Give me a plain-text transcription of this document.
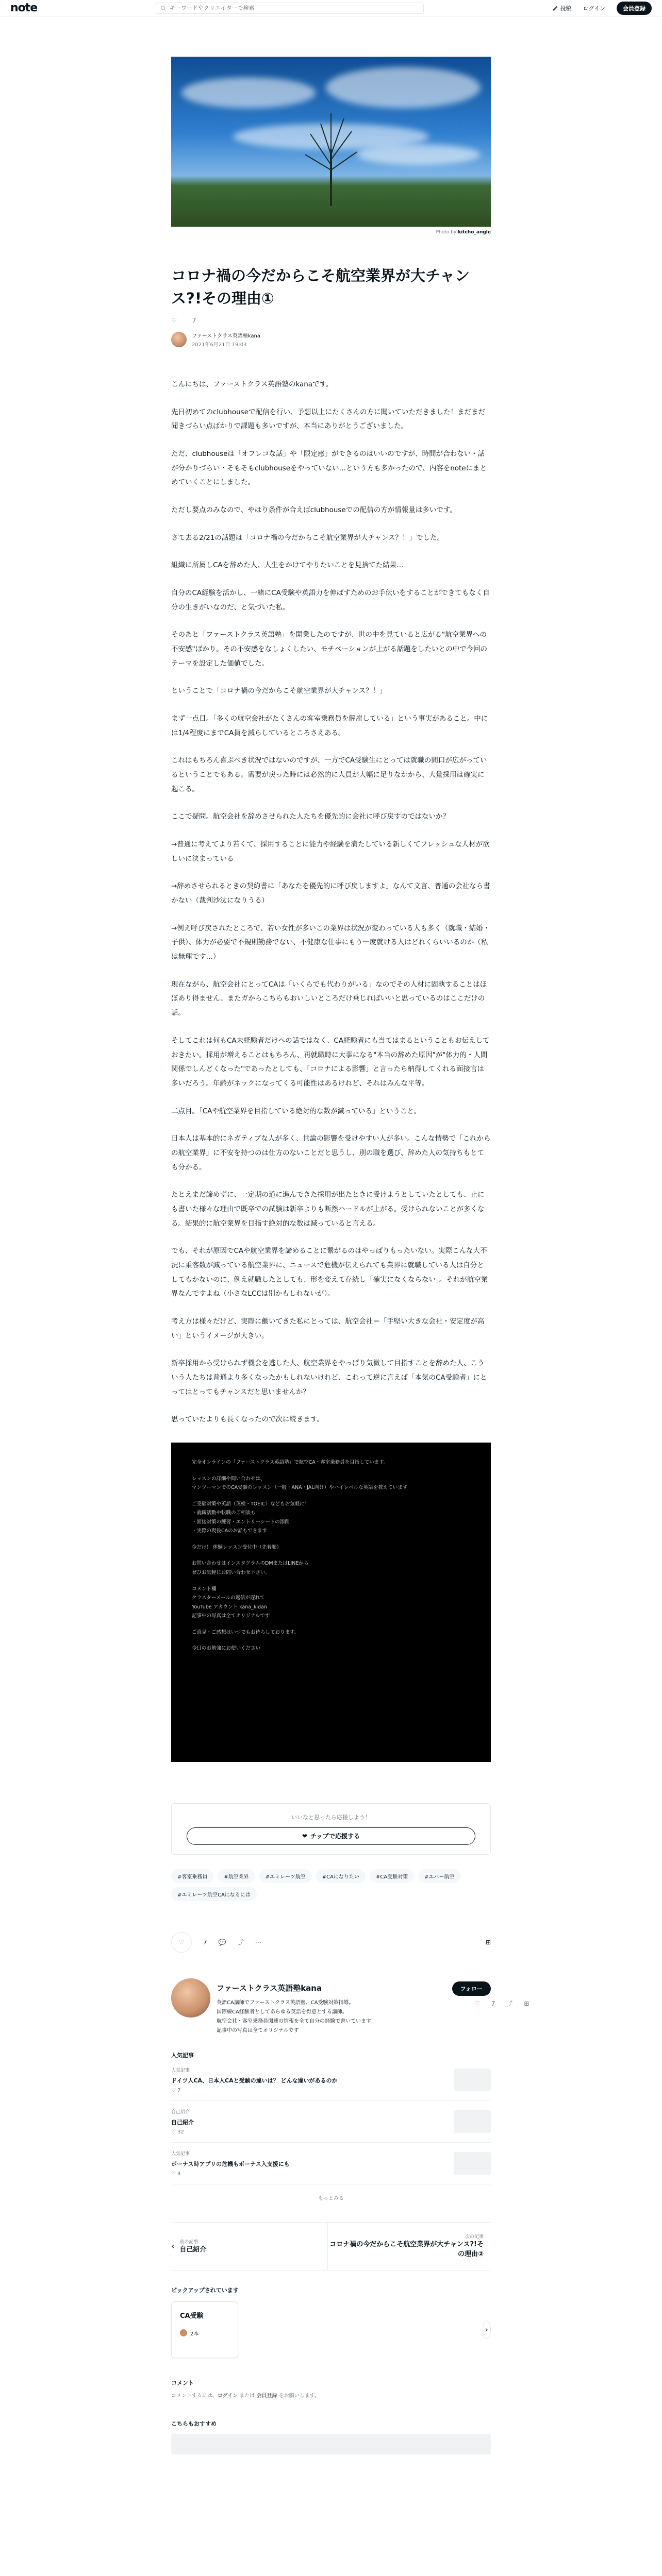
note
キーワードやクリエイターで検索	投稿 ログイン	会員登録
Photo by kitcho_angle
コロナ禍の今だからこそ航空業界が大チャンス?!その理由①
♡	7
ファーストクラス英語塾kana
2021年6月21日 19:03

こんにちは、ファーストクラス英語塾のkanaです。

先日初めてのclubhouseで配信を行い、予想以上にたくさんの方に聞いていただきました！まだまだ聞きづらい点ばかりで課題も多いですが、本当にありがとうございました。

ただ、clubhouseは「オフレコな話」や「限定感」ができるのはいいのですが、時間が合わない・話が分かりづらい・そもそもclubhouseをやっていない…という方も多かったので、内容をnoteにまとめていくことにしました。

ただし要点のみなので、やはり条件が合えばclubhouseでの配信の方が情報量は多いです。

さて去る2/21の話題は「コロナ禍の今だからこそ航空業界が大チャンス？！」でした。

組織に所属しCAを辞めた人、人生をかけてやりたいことを見捨てた結果…

自分のCA経験を活かし、一緒にCA受験や英語力を伸ばすためのお手伝いをすることができてもなく自分の生きがいなのだ、と気づいた私。

そのあと「ファーストクラス英語塾」を開業したのですが、世の中を見ていると広がる"航空業界への不安感"ばかり。その不安感をなしょくしたい、モチベーションが上がる話題をしたいとの中で今回のテーマを設定した価値でした。

ということで「コロナ禍の今だからこそ航空業界が大チャンス？！」

まず一点目。「多くの航空会社がたくさんの客室乗務員を解雇している」という事実があること。中には1/4程度にまでCA員を減らしているところさえある。

これはもちろん喜ぶべき状況ではないのですが、一方でCA受験生にとっては就職の間口が広がっているということでもある。需要が戻った時には必然的に人員が大幅に足りなかから、大量採用は確実に起こる。

ここで疑問。航空会社を辞めさせられた人たちを優先的に会社に呼び戻すのではないか？

→普通に考えてより若くて、採用することに能力や経験を満たしている新しくてフレッシュな人材が欲しいに決まっている

→辞めさせられるときの契約書に「あなたを優先的に呼び戻しますよ」なんて文言、普通の会社なら書かない（裁判沙汰になりうる）

→例え呼び戻されたところで、若い女性が多いこの業界は状況が変わっている人も多く（就職・結婚・子供）、体力が必要で不規則勤務でない、不健康な仕事にもう一度就ける人はどれくらいいるのか（私は無理です…）

現在ながら、航空会社にとってCAは「いくらでも代わりがいる」なのでその人材に固執することはほぼあり得ません。またガからこちらもおいしいところだけ乗じればいいと思っているのはここだけの話。

そしてこれは何もCA未経験者だけへの話ではなく、CA経験者にも当てはまるということもお伝えしておきたい。採用が増えることはもちろん、再就職時に大事になる"本当の辞めた原因"が"体力的・人間関係でしんどくなった"であったとしても、「コロナによる影響」と言ったら納得してくれる面接官は多いだろう。年齢がネックになってくる可能性はあるけれど、それはみんな平等。

二点目。「CAや航空業界を目指している絶対的な数が減っている」ということ。

日本人は基本的にネガティブな人が多く、世論の影響を受けやすい人が多い。こんな情勢で「これからの航空業界」に不安を持つのは仕方のないことだと思うし、別の職を選び、辞めた人の気持ちもとても分かる。

たとえまだ諦めずに、一定期の道に進んできた採用が出たときに受けようとしていたとしても、止にも書いた様々な理由で既卒での試験は新卒よりも断然ハードルが上がる。受けられないことが多くなる。結果的に航空業界を目指す絶対的な数は減っていると言える。

でも、それが原因でCAや航空業界を諦めることに繋がるのはやっぱりもったいない。実際こんな大不況に乗客数が減っている航空業界に、ニュースで危機が伝えられても業界に就職している人は自分としてもかないのに、例え就職したとしても、形を変えて存続し「確実になくならない」。それが航空業界なんですよね（小さなLCCは別かもしれないが）。

考え方は様々だけど、実際に働いてきた私にとっては、航空会社＝「手堅い大きな会社・安定度が高い」というイメージが大きい。

新卒採用から受けられず機会を逃した人、航空業界をやっぱり気微して目指すことを辞めた人、こういう人たちは普通より多くなったかもしれないけれど、これって逆に言えば「本気のCA受験者」にとってはとってもチャンスだと思いませんか？

思っていたよりも長くなったので次に続きます。

完全オンラインの「ファーストクラス英語塾」で航空CA・客室乗務員を目指しています。

レッスンの詳細や問い合わせは、
マンツーマンでのCA受験のレッスン（一般・ANA・JAL向け）やハイレベルな英語を教えています

ご受験対策や英語（英検・TOEIC）などもお気軽に！
・就職活動や転職のご相談も
・面接対策の練習・エントリーシートの添削
・実際の現役CAのお話もできます

今だけ！ 体験レッスン受付中（先着順）

お問い合わせはインスタグラムのDMまたはLINEから
ぜひお気軽にお問い合わせ下さい。

コメント欄
クラスターメールの返信が遅れて
YouTube アカウント kana_kidan
記事中の写真は全てオリジナルです

ご意見・ご感想はいつでもお待ちしております。

今日のお勉強にお使いください

いいなと思ったら応援しよう！
❤ チップで応援する
#客室乗務員	#航空業界	#エミレーツ航空	#CAになりたい	#CA受験対策	#エバー航空
#エミレーツ航空CAになるには
♡	7 💬 ⤴ ⋯	⊞
ファーストクラス英語塾kana
英語CA講師でファーストクラス英語塾、CA受験対策指導。
国際線CA経験者としてあらゆる英語を得意とする講師。
航空会社・客室乗務員関連の情報を全て自分の経験で書いています
記事中の写真は全てオリジナルです
フォロー
人気記事
人気記事
ドイツ人CA、日本人CAと受験の違いは？ どんな違いがあるのか
♡ 7
自己紹介
自己紹介
♡ 32
人気記事
ボーナス時アプリの危機もボーナス入支援にも
♡ 4
もっとみる
‹ 前の記事
自己紹介
次の記事
コロナ禍の今だからこそ航空業界が大チャンス?!その理由②
ピックアップされています
CA受験
2本	›
コメント
コメントするには、ログイン または 会員登録 をお願いします。
こちらもおすすめ
♡ 7 ⤴ ⊞
